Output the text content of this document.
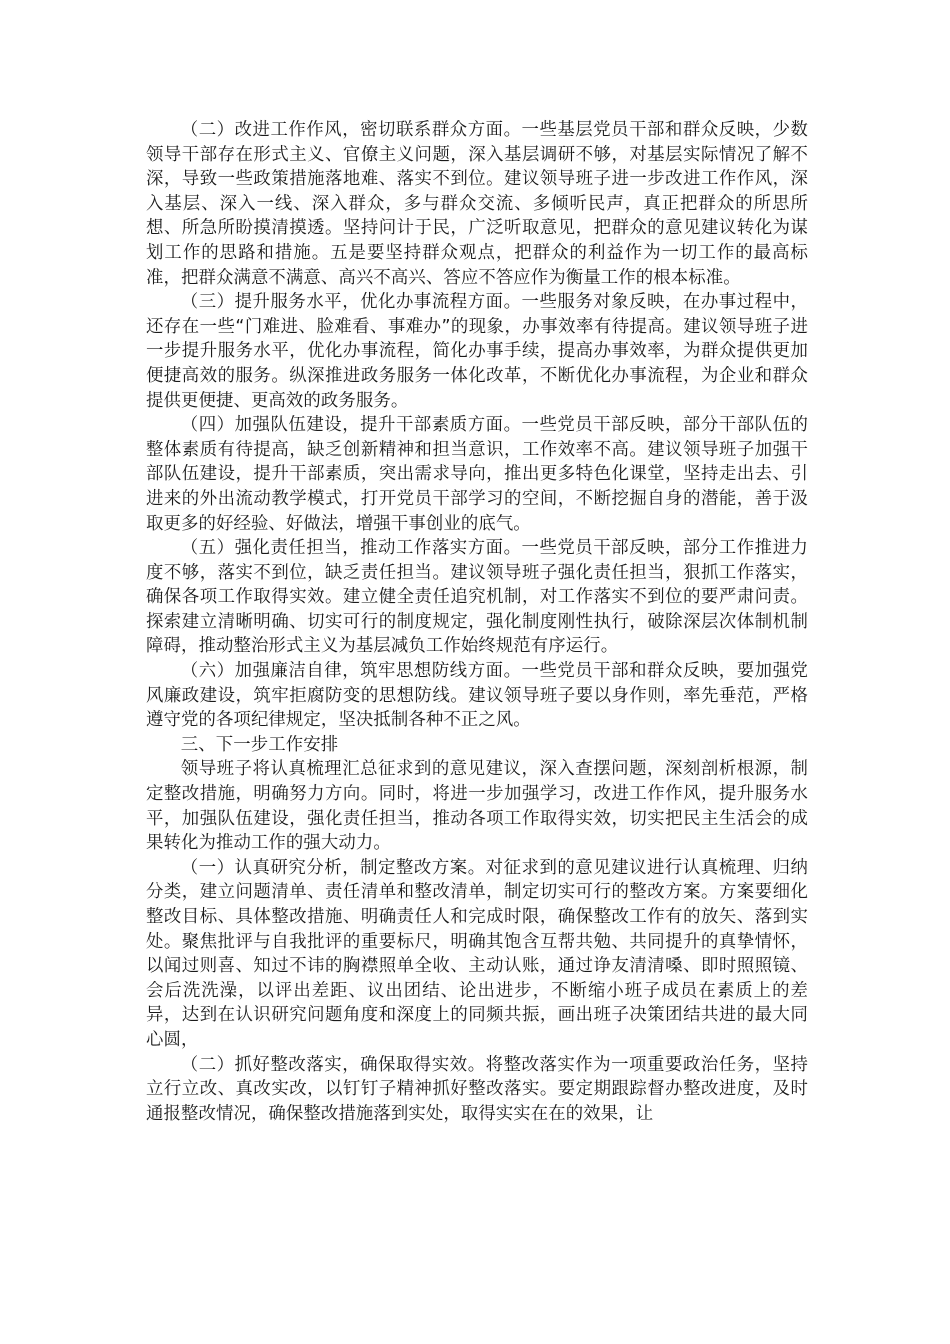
（二）改进工作作风，密切联系群众方面。一些基层党员干部和群众反映，少数领导干部存在形式主义、官僚主义问题，深入基层调研不够，对基层实际情况了解不深，导致一些政策措施落地难、落实不到位。建议领导班子进一步改进工作作风，深入基层、深入一线、深入群众，多与群众交流、多倾听民声，真正把群众的所思所想、所急所盼摸清摸透。坚持问计于民，广泛听取意见，把群众的意见建议转化为谋划工作的思路和措施。五是要坚持群众观点，把群众的利益作为一切工作的最高标准，把群众满意不满意、高兴不高兴、答应不答应作为衡量工作的根本标准。

（三）提升服务水平，优化办事流程方面。一些服务对象反映，在办事过程中，还存在一些“门难进、脸难看、事难办”的现象，办事效率有待提高。建议领导班子进一步提升服务水平，优化办事流程，简化办事手续，提高办事效率，为群众提供更加便捷高效的服务。纵深推进政务服务一体化改革，不断优化办事流程，为企业和群众提供更便捷、更高效的政务服务。

（四）加强队伍建设，提升干部素质方面。一些党员干部反映，部分干部队伍的整体素质有待提高，缺乏创新精神和担当意识，工作效率不高。建议领导班子加强干部队伍建设，提升干部素质，突出需求导向，推出更多特色化课堂，坚持走出去、引进来的外出流动教学模式，打开党员干部学习的空间，不断挖掘自身的潜能，善于汲取更多的好经验、好做法，增强干事创业的底气。

（五）强化责任担当，推动工作落实方面。一些党员干部反映，部分工作推进力度不够，落实不到位，缺乏责任担当。建议领导班子强化责任担当，狠抓工作落实，确保各项工作取得实效。建立健全责任追究机制，对工作落实不到位的要严肃问责。探索建立清晰明确、切实可行的制度规定，强化制度刚性执行，破除深层次体制机制障碍，推动整治形式主义为基层减负工作始终规范有序运行。

（六）加强廉洁自律，筑牢思想防线方面。一些党员干部和群众反映，要加强党风廉政建设，筑牢拒腐防变的思想防线。建议领导班子要以身作则，率先垂范，严格遵守党的各项纪律规定，坚决抵制各种不正之风。

三、下一步工作安排

领导班子将认真梳理汇总征求到的意见建议，深入查摆问题，深刻剖析根源，制定整改措施，明确努力方向。同时，将进一步加强学习，改进工作作风，提升服务水平，加强队伍建设，强化责任担当，推动各项工作取得实效，切实把民主生活会的成果转化为推动工作的强大动力。

（一）认真研究分析，制定整改方案。对征求到的意见建议进行认真梳理、归纳分类，建立问题清单、责任清单和整改清单，制定切实可行的整改方案。方案要细化整改目标、具体整改措施、明确责任人和完成时限，确保整改工作有的放矢、落到实处。聚焦批评与自我批评的重要标尺，明确其饱含互帮共勉、共同提升的真挚情怀，以闻过则喜、知过不讳的胸襟照单全收、主动认账，通过诤友清清嗓、即时照照镜、会后洗洗澡，以评出差距、议出团结、论出进步，不断缩小班子成员在素质上的差异，达到在认识研究问题角度和深度上的同频共振，画出班子决策团结共进的最大同心圆，

（二）抓好整改落实，确保取得实效。将整改落实作为一项重要政治任务，坚持立行立改、真改实改，以钉钉子精神抓好整改落实。要定期跟踪督办整改进度，及时通报整改情况，确保整改措施落到实处，取得实实在在的效果，让
